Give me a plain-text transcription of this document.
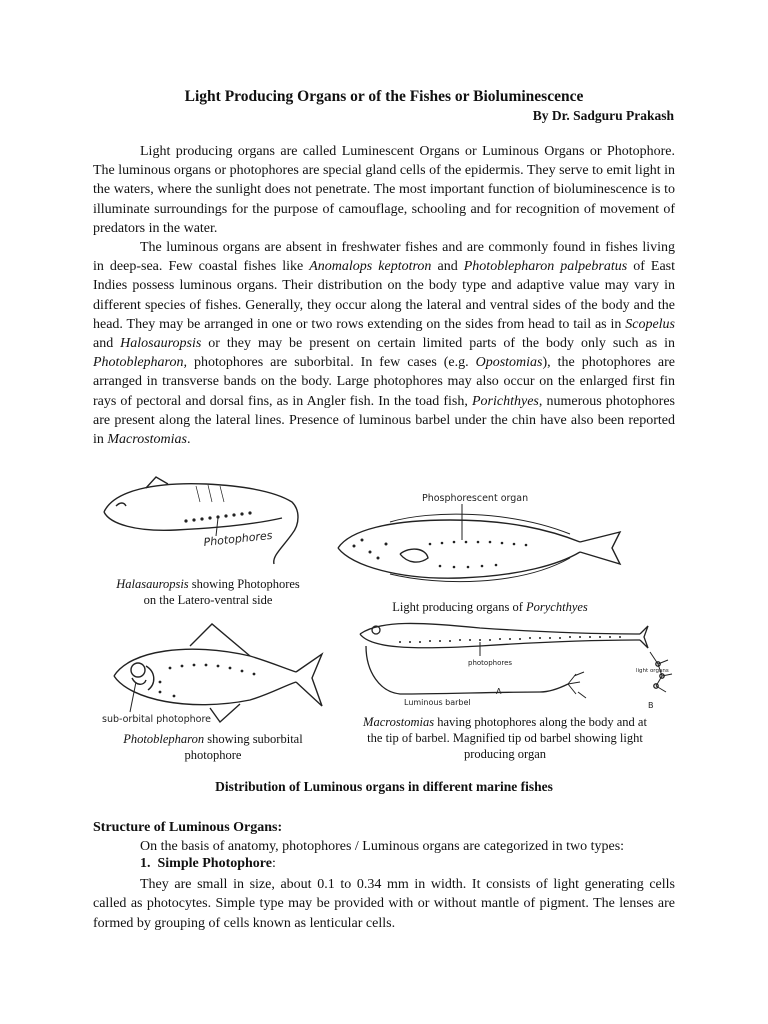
Light Producing Organs or of the Fishes or Bioluminescence
By Dr. Sadguru Prakash

Light producing organs are called Luminescent Organs or Luminous Organs or Photophore. The luminous organs or photophores are special gland cells of the epidermis. They serve to emit light in the waters, where the sunlight does not penetrate. The most important function of bioluminescence is to illuminate surroundings for the purpose of camouflage, schooling and for recognition of movement of predators in the water.

The luminous organs are absent in freshwater fishes and are commonly found in fishes living in deep-sea. Few coastal fishes like Anomalops keptotron and Photoblepharon palpebratus of East Indies possess luminous organs. Their distribution on the body type and adaptive value may vary in different species of fishes. Generally, they occur along the lateral and ventral sides of the body and the head. They may be arranged in one or two rows extending on the sides from head to tail as in Scopelus and Halosauropsis or they may be present on certain limited parts of the body only such as in Photoblepharon, photophores are suborbital. In few cases (e.g. Opostomias), the photophores are arranged in transverse bands on the body. Large photophores may also occur on the enlarged first fin rays of pectoral and dorsal fins, as in Angler fish. In the toad fish, Porichthyes, numerous photophores are present along the lateral lines. Presence of luminous barbel under the chin have also been reported in Macrostomias.

Photophores
Halasauropsis showing Photophores
on the Latero-ventral side
Phosphorescent organ
Light producing organs of Porychthyes
sub-orbital photophore
Photoblepharon showing suborbital
photophore
photophores
Luminous barbel
A
B
light organs
Macrostomias having photophores along the body and at
the tip of barbel. Magnified tip od barbel showing light
producing organ
Distribution of Luminous organs in different marine fishes
Structure of Luminous Organs:

On the basis of anatomy, photophores / Luminous organs are categorized in two types:

1. Simple Photophore:

They are small in size, about 0.1 to 0.34 mm in width. It consists of light generating cells called as photocytes. Simple type may be provided with or without mantle of pigment. The lenses are formed by grouping of cells known as lenticular cells.
